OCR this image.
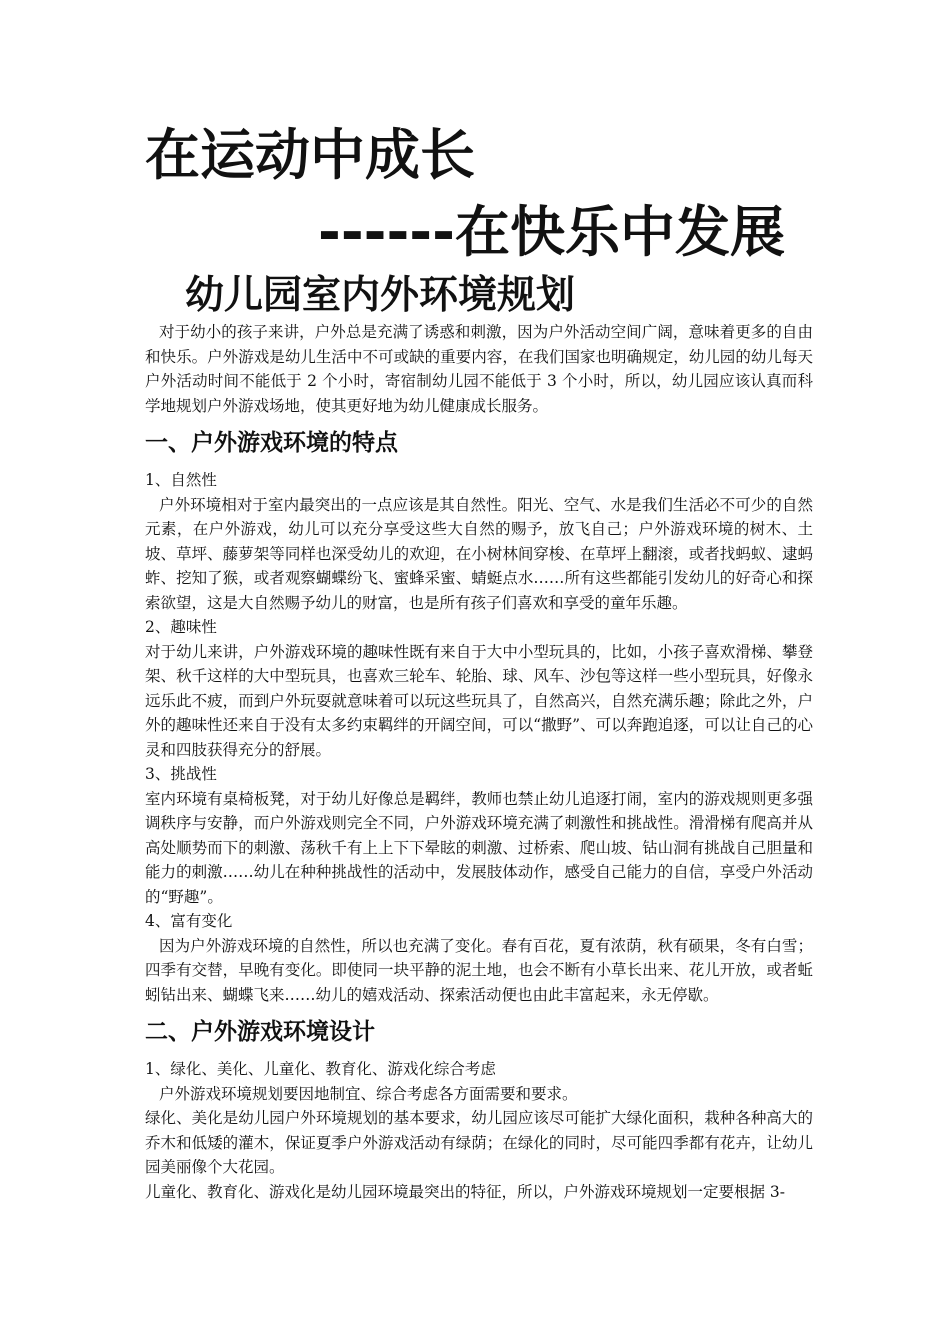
在运动中成长
------在快乐中发展
幼儿园室内外环境规划

对于幼小的孩子来讲，户外总是充满了诱惑和刺激，因为户外活动空间广阔，意味着更多的自由和快乐。户外游戏是幼儿生活中不可或缺的重要内容，在我们国家也明确规定，幼儿园的幼儿每天户外活动时间不能低于 2 个小时，寄宿制幼儿园不能低于 3 个小时，所以，幼儿园应该认真而科学地规划户外游戏场地，使其更好地为幼儿健康成长服务。

一、户外游戏环境的特点

1、自然性

户外环境相对于室内最突出的一点应该是其自然性。阳光、空气、水是我们生活必不可少的自然元素，在户外游戏，幼儿可以充分享受这些大自然的赐予，放飞自己；户外游戏环境的树木、土坡、草坪、藤萝架等同样也深受幼儿的欢迎，在小树林间穿梭、在草坪上翻滚，或者找蚂蚁、逮蚂蚱、挖知了猴，或者观察蝴蝶纷飞、蜜蜂采蜜、蜻蜓点水……所有这些都能引发幼儿的好奇心和探索欲望，这是大自然赐予幼儿的财富，也是所有孩子们喜欢和享受的童年乐趣。

2、趣味性

对于幼儿来讲，户外游戏环境的趣味性既有来自于大中小型玩具的，比如，小孩子喜欢滑梯、攀登架、秋千这样的大中型玩具，也喜欢三轮车、轮胎、球、风车、沙包等这样一些小型玩具，好像永远乐此不疲，而到户外玩耍就意味着可以玩这些玩具了，自然高兴，自然充满乐趣；除此之外，户外的趣味性还来自于没有太多约束羁绊的开阔空间，可以“撒野”、可以奔跑追逐，可以让自己的心灵和四肢获得充分的舒展。

3、挑战性

室内环境有桌椅板凳，对于幼儿好像总是羁绊，教师也禁止幼儿追逐打闹，室内的游戏规则更多强调秩序与安静，而户外游戏则完全不同，户外游戏环境充满了刺激性和挑战性。滑滑梯有爬高并从高处顺势而下的刺激、荡秋千有上上下下晕眩的刺激、过桥索、爬山坡、钻山洞有挑战自己胆量和能力的刺激……幼儿在种种挑战性的活动中，发展肢体动作，感受自己能力的自信，享受户外活动的“野趣”。

4、富有变化

因为户外游戏环境的自然性，所以也充满了变化。春有百花，夏有浓荫，秋有硕果，冬有白雪；四季有交替，早晚有变化。即使同一块平静的泥土地，也会不断有小草长出来、花儿开放，或者蚯蚓钻出来、蝴蝶飞来……幼儿的嬉戏活动、探索活动便也由此丰富起来，永无停歇。

二、户外游戏环境设计

1、绿化、美化、儿童化、教育化、游戏化综合考虑

户外游戏环境规划要因地制宜、综合考虑各方面需要和要求。

绿化、美化是幼儿园户外环境规划的基本要求，幼儿园应该尽可能扩大绿化面积，栽种各种高大的乔木和低矮的灌木，保证夏季户外游戏活动有绿荫；在绿化的同时，尽可能四季都有花卉，让幼儿园美丽像个大花园。

儿童化、教育化、游戏化是幼儿园环境最突出的特征，所以，户外游戏环境规划一定要根据 3-
